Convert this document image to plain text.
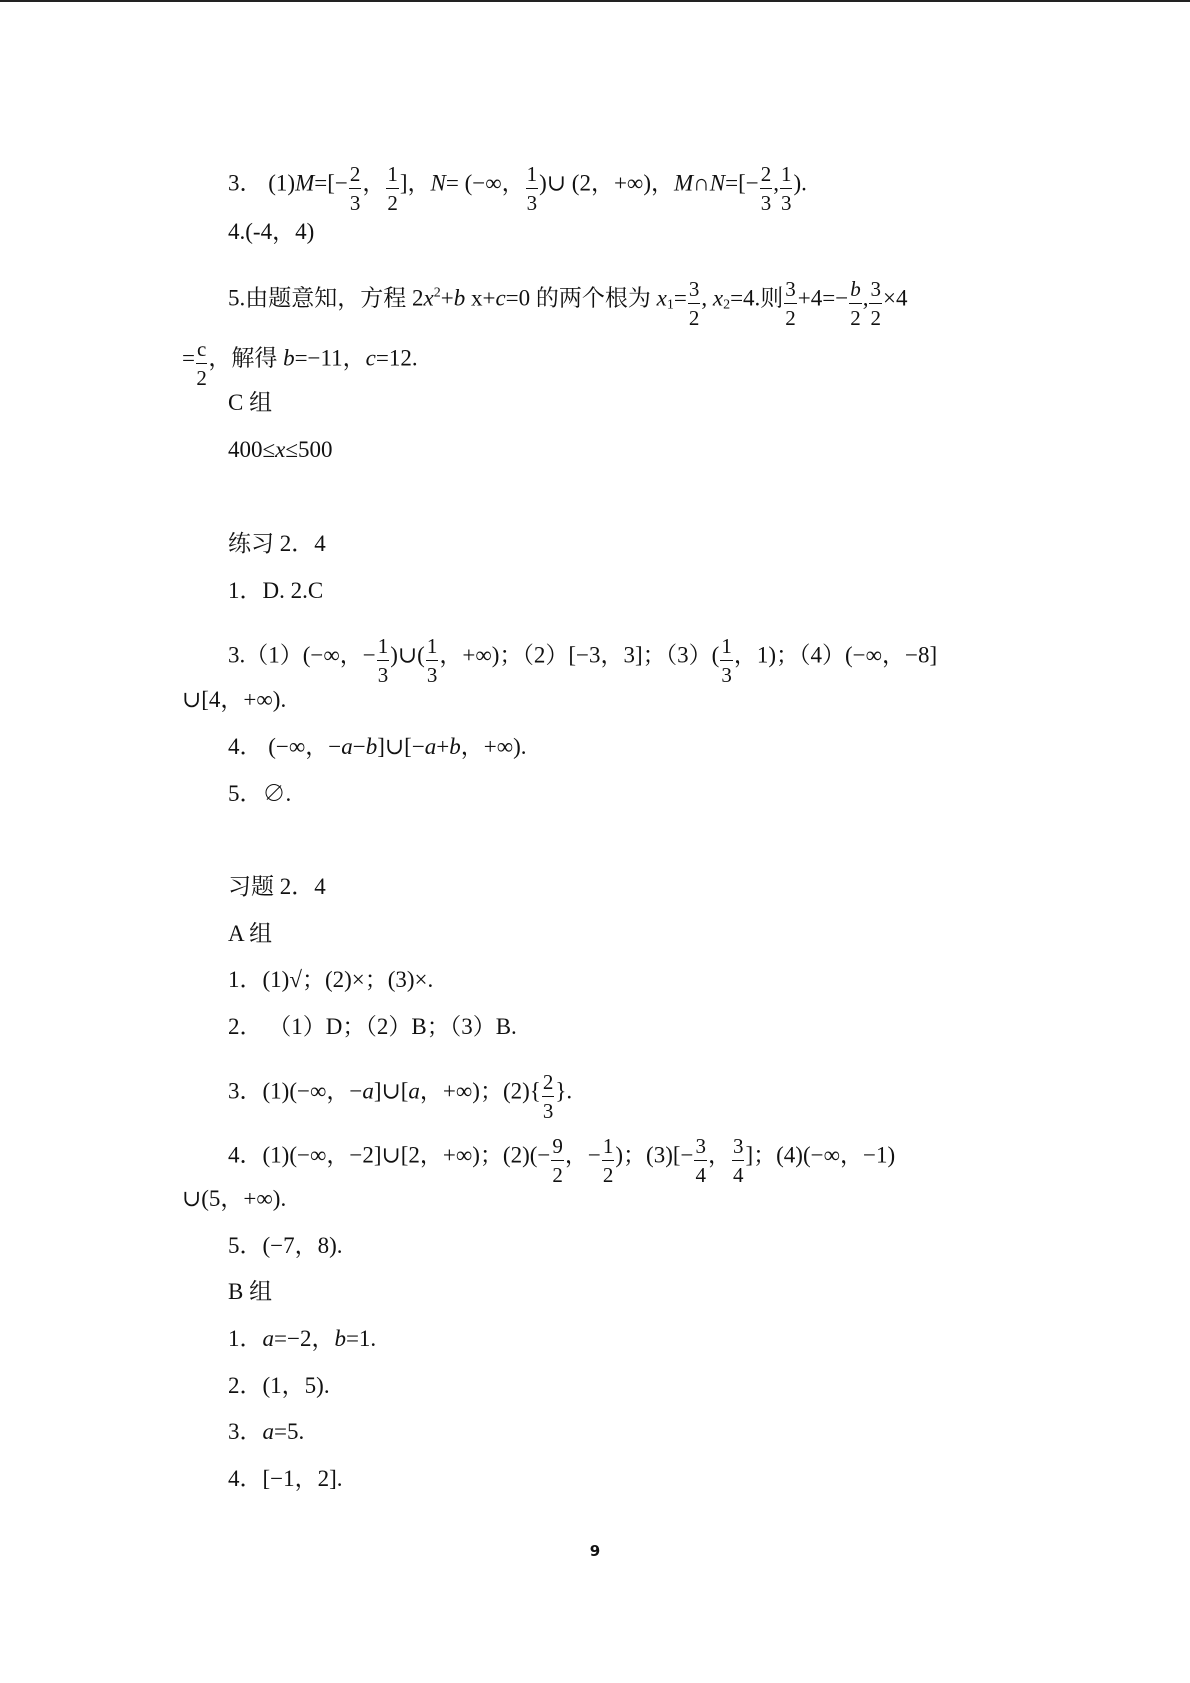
3． $(1)M=[- \frac{2}{3}$ ， $\frac{1}{2}$ ]，N= (−∞， $\frac{1}{3}$ )∪ (2，+∞)，M∩N=[− $\frac{2}{3}$ , $\frac{1}{3}$ ).
4.(-4，4)
5.由题意知，方程 $2x^2+b$ x+c=0 的两个根为 $x_1= \frac{3}{2}$ , $x_2=4$.则 $\frac{3}{2} +4=- \frac{b}{2}$ , $\frac{3}{2} \times 4$
= $\frac{c}{2}$ ，解得 b=−11，c=12.
C 组
400≤x≤500
练习 2．4
1．D. 2.C
3.（1）(−∞，− $\frac{1}{3}$ )∪( $\frac{1}{3}$ ，+∞)；（2）[−3，3]；$(3)( \frac{1}{3}$ ，1)；（4）(−∞，−8]
∪[4，+∞).
4． (−∞，−a−b]∪[−a+b，+∞).
5．∅.
习题 2．4
A 组
1．(1)√；(2)×；(3)×.
2． （1）D；（2）B；（3）B.
3．(1)(−∞，−a]∪[a，+∞)；$(2)\{ \frac{2}{3}$ }.
4．(1)(−∞，−2]∪[2，+∞)；$(2)(- \frac{9}{2}$ ，− $\frac{1}{2}$ )；$(3)[- \frac{3}{4}$ ， $\frac{3}{4}$ ]；(4)(−∞，−1)
∪(5，+∞).
5．(−7，8).
B 组
1．a=−2，b=1.
2．(1，5).
3．a=5.
4．[−1，2].
9
